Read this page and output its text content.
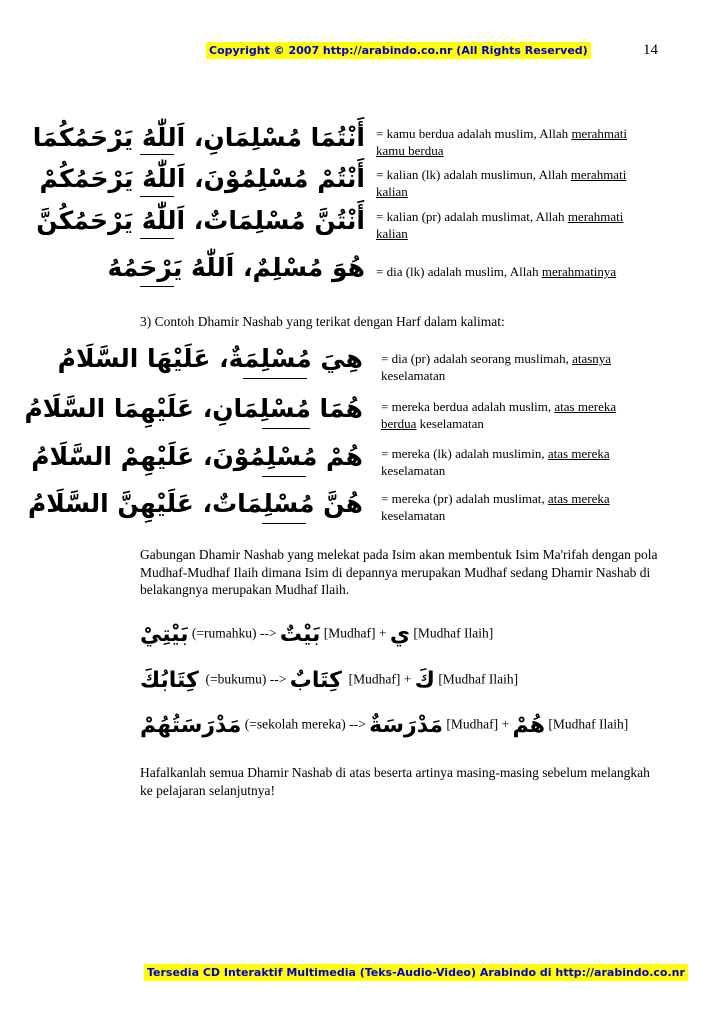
Copyright © 2007 http://arabindo.co.nr (All Rights Reserved)	14
أَنْتُمَا مُسْلِمَانِ، اَللّٰهُ يَرْحَمُكُمَا = kamu berdua adalah muslim, Allah merahmati
kamu berdua
أَنْتُمْ مُسْلِمُوْنَ، اَللّٰهُ يَرْحَمُكُمْ = kalian (lk) adalah muslimun, Allah merahmati
kalian
أَنْتُنَّ مُسْلِمَاتٌ، اَللّٰهُ يَرْحَمُكُنَّ = kalian (pr) adalah muslimat, Allah merahmati
kalian
هُوَ مُسْلِمٌ، اَللّٰهُ يَرْحَمُهُ = dia (lk) adalah muslim, Allah merahmatinya
3) Contoh Dhamir Nashab yang terikat dengan Harf dalam kalimat:
هِيَ مُسْلِمَةٌ، عَلَيْهَا السَّلَامُ = dia (pr) adalah seorang muslimah, atasnya
keselamatan
هُمَا مُسْلِمَانِ، عَلَيْهِمَا السَّلَامُ = mereka berdua adalah muslim, atas mereka
berdua keselamatan
هُمْ مُسْلِمُوْنَ، عَلَيْهِمْ السَّلَامُ = mereka (lk) adalah muslimin, atas mereka
keselamatan
هُنَّ مُسْلِمَاتٌ، عَلَيْهِنَّ السَّلَامُ = mereka (pr) adalah muslimat, atas mereka
keselamatan
Gabungan Dhamir Nashab yang melekat pada Isim akan membentuk Isim Ma'rifah dengan pola Mudhaf-Mudhaf Ilaih dimana Isim di depannya merupakan Mudhaf sedang Dhamir Nashab di belakangnya merupakan Mudhaf Ilaih.
بَيْتِيْ (=rumahku) --> بَيْتٌ [Mudhaf] + ي [Mudhaf Ilaih]
كِتَابُكَ (=bukumu) --> كِتَابٌ [Mudhaf] + كَ [Mudhaf Ilaih]
مَدْرَسَتُهُمْ (=sekolah mereka) --> مَدْرَسَةٌ [Mudhaf] + هُمْ [Mudhaf Ilaih]
Hafalkanlah semua Dhamir Nashab di atas beserta artinya masing-masing sebelum melangkah ke pelajaran selanjutnya!
Tersedia CD Interaktif Multimedia (Teks-Audio-Video) Arabindo di http://arabindo.co.nr
